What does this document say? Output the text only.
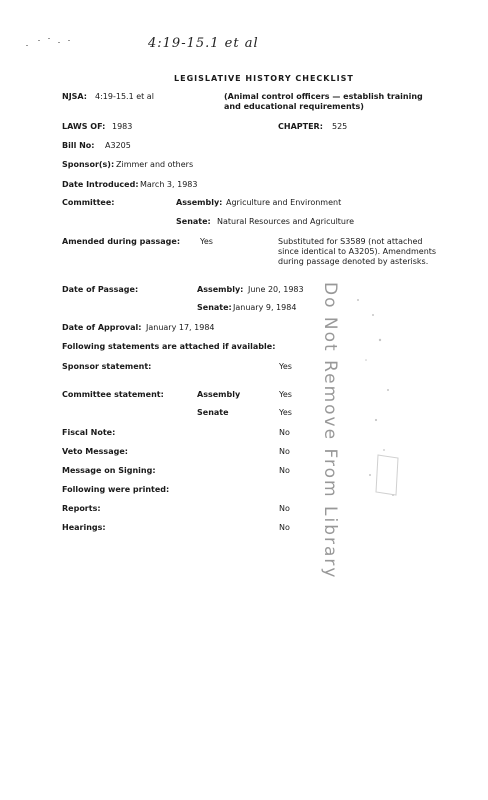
4:19-15.1 et al
LEGISLATIVE HISTORY CHECKLIST
NJSA: 4:19-15.1 et al	(Animal control officers — establish training and educational requirements)
LAWS OF: 1983	CHAPTER: 525
Bill No: A3205
Sponsor(s): Zimmer and others
Date Introduced: March 3, 1983
Committee:	Assembly: Agriculture and Environment
Senate: Natural Resources and Agriculture
Amended during passage: Yes	Substituted for S3589 (not attached since identical to A3205). Amendments during passage denoted by asterisks.
Date of Passage:	Assembly: June 20, 1983
Senate: January 9, 1984
Date of Approval: January 17, 1984
Following statements are attached if available:
Sponsor statement:	Yes
Committee statement:	Assembly	Yes
Senate	Yes
Fiscal Note:	No
Veto Message:	No
Message on Signing:	No
Following were printed:
Reports:	No
Hearings:	No Do Not Remove From Library
